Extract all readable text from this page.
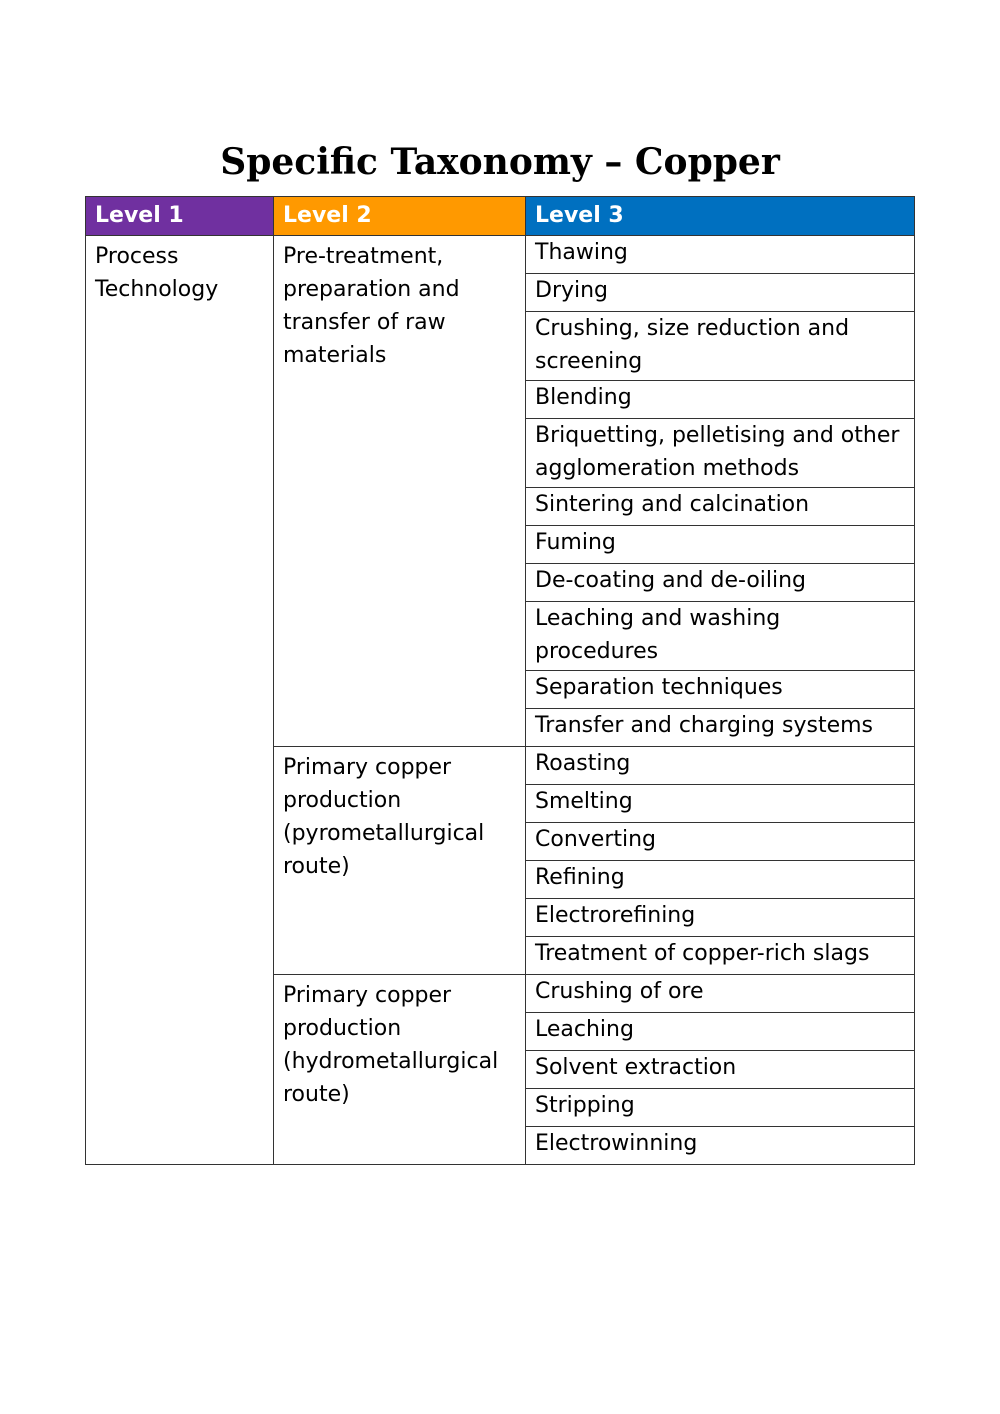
Specific Taxonomy – Copper
Level 1	Level 2	Level 3
Process Technology	Pre-treatment, preparation and transfer of raw materials	Thawing
		Drying
		Crushing, size reduction and screening
		Blending
		Briquetting, pelletising and other agglomeration methods
		Sintering and calcination
		Fuming
		De-coating and de-oiling
		Leaching and washing procedures
		Separation techniques
		Transfer and charging systems
	Primary copper production (pyrometallurgical route)	Roasting
		Smelting
		Converting
		Refining
		Electrorefining
		Treatment of copper-rich slags
	Primary copper production (hydrometallurgical route)	Crushing of ore
		Leaching
		Solvent extraction
		Stripping
		Electrowinning
